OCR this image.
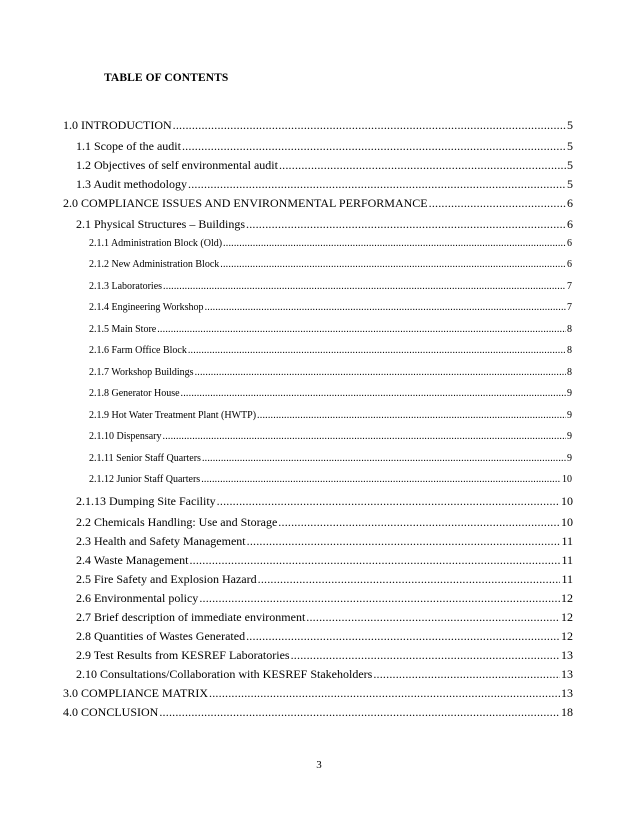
TABLE OF CONTENTS
1.0 INTRODUCTION .....	5
1.1 Scope of the audit .....	5
1.2 Objectives of self environmental audit .....	5
1.3 Audit methodology .....	5
2.0 COMPLIANCE ISSUES AND ENVIRONMENTAL PERFORMANCE .....	6
2.1 Physical Structures – Buildings .....	6
2.1.1 Administration Block (Old) .....	6
2.1.2 New Administration Block .....	6
2.1.3 Laboratories .....	7
2.1.4 Engineering Workshop .....	7
2.1.5 Main Store .....	8
2.1.6 Farm Office Block .....	8
2.1.7 Workshop Buildings .....	8
2.1.8 Generator House .....	9
2.1.9 Hot Water Treatment Plant (HWTP) .....	9
2.1.10 Dispensary .....	9
2.1.11 Senior Staff Quarters .....	9
2.1.12 Junior Staff Quarters .....	10
2.1.13 Dumping Site Facility .....	10
2.2 Chemicals Handling: Use and Storage .....	10
2.3 Health and Safety Management .....	11
2.4 Waste Management .....	11
2.5 Fire Safety and Explosion Hazard .....	11
2.6 Environmental policy .....	12
2.7 Brief description of immediate environment .....	12
2.8 Quantities of Wastes Generated .....	12
2.9 Test Results from KESREF Laboratories .....	13
2.10 Consultations/Collaboration with KESREF Stakeholders .....	13
3.0 COMPLIANCE MATRIX .....	13
4.0 CONCLUSION .....	18
3
